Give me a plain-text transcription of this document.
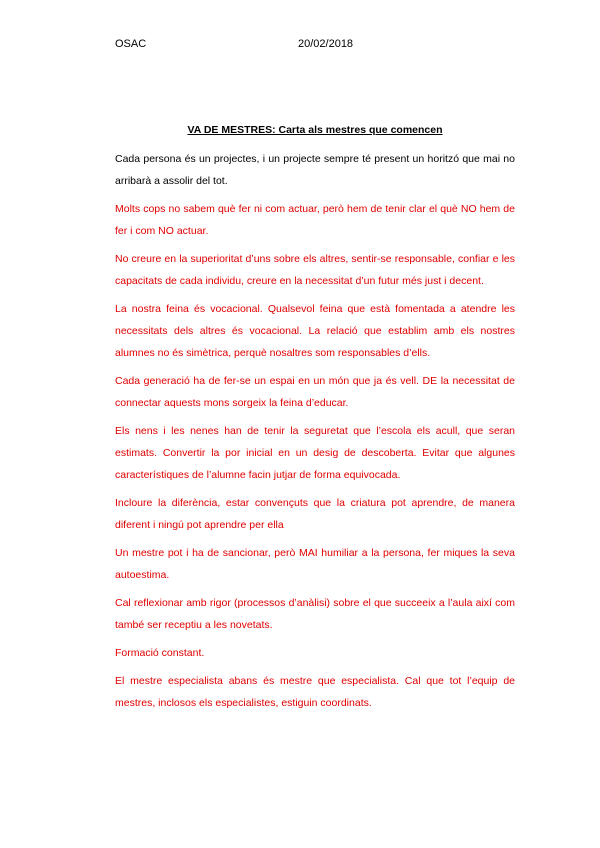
OSAC	20/02/2018
VA DE MESTRES: Carta als mestres que comencen

Cada persona és un projectes, i un projecte sempre té present un horitzó que mai no arribarà a assolir del tot.

Molts cops no sabem què fer ni com actuar, però hem de tenir clar el què NO hem de fer i com NO actuar.

No creure en la superioritat d’uns sobre els altres, sentir-se responsable, confiar e les capacitats de cada individu, creure en la necessitat d’un futur més just i decent.

La nostra feina és vocacional. Qualsevol feina que està fomentada a atendre les necessitats dels altres és vocacional. La relació que establim amb els nostres alumnes no és simètrica, perquè nosaltres som responsables d’ells.

Cada generació ha de fer-se un espai en un món que ja és vell. DE la necessitat de connectar aquests mons sorgeix la feina d’educar.

Els nens i les nenes han de tenir la seguretat que l’escola els acull, que seran estimats. Convertir la por inicial en un desig de descoberta. Evitar que algunes característiques de l’alumne facin jutjar de forma equivocada.

Incloure la diferència, estar convençuts que la criatura pot aprendre, de manera diferent i ningú pot aprendre per ella

Un mestre pot i ha de sancionar, però MAI humiliar a la persona, fer miques la seva autoestima.

Cal reflexionar amb rigor (processos d’anàlisi) sobre el que succeeix a l’aula així com també ser receptiu a les novetats.

Formació constant.

El mestre especialista abans és mestre que especialista. Cal que tot l’equip de mestres, inclosos els especialistes, estiguin coordinats.
